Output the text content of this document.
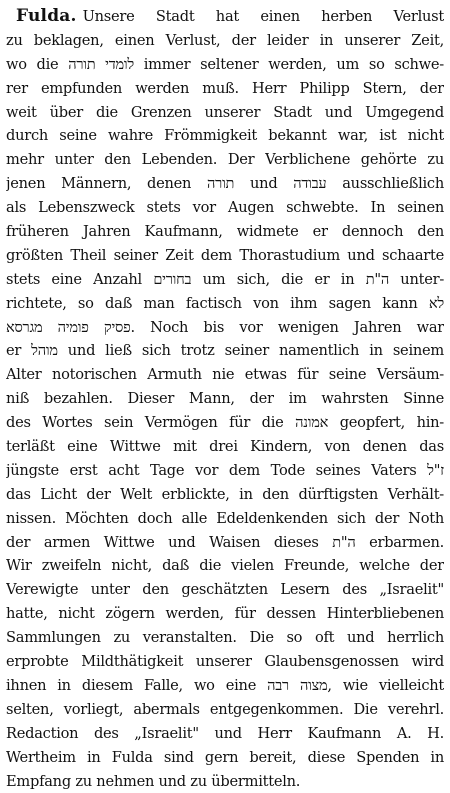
Fulda. Unsere Stadt hat einen herben Verlust
zu beklagen, einen Verlust, der leider in unserer Zeit,
wo die לומדי תורה immer seltener werden, um so schwe-
rer empfunden werden muß. Herr Philipp Stern, der
weit über die Grenzen unserer Stadt und Umgegend
durch seine wahre Frömmigkeit bekannt war, ist nicht
mehr unter den Lebenden. Der Verblichene gehörte zu
jenen Männern, denen תורה und עבודה ausschließlich
als Lebenszweck stets vor Augen schwebte. In seinen
früheren Jahren Kaufmann, widmete er dennoch den
größten Theil seiner Zeit dem Thorastudium und schaarte
stets eine Anzahl בחורים um sich, die er in ה"ת unter-
richtete, so daß man factisch von ihm sagen kann לא
פסיק פומיה מגרסא. Noch bis vor wenigen Jahren war
er מוהל und ließ sich trotz seiner namentlich in seinem
Alter notorischen Armuth nie etwas für seine Versäum-
niß bezahlen. Dieser Mann, der im wahrsten Sinne
des Wortes sein Vermögen für die אמונה geopfert, hin-
terläßt eine Wittwe mit drei Kindern, von denen das
jüngste erst acht Tage vor dem Tode seines Vaters ז"ל
das Licht der Welt erblickte, in den dürftigsten Verhält-
nissen. Möchten doch alle Edeldenkenden sich der Noth
der armen Wittwe und Waisen dieses ה"ת erbarmen.
Wir zweifeln nicht, daß die vielen Freunde, welche der
Verewigte unter den geschätzten Lesern des „Israelit"
hatte, nicht zögern werden, für dessen Hinterbliebenen
Sammlungen zu veranstalten. Die so oft und herrlich
erprobte Mildthätigkeit unserer Glaubensgenossen wird
ihnen in diesem Falle, wo eine מצוה רבה, wie vielleicht
selten, vorliegt, abermals entgegenkommen. Die verehrl.
Redaction des „Israelit" und Herr Kaufmann A. H.
Wertheim in Fulda sind gern bereit, diese Spenden in
Empfang zu nehmen und zu übermitteln.
